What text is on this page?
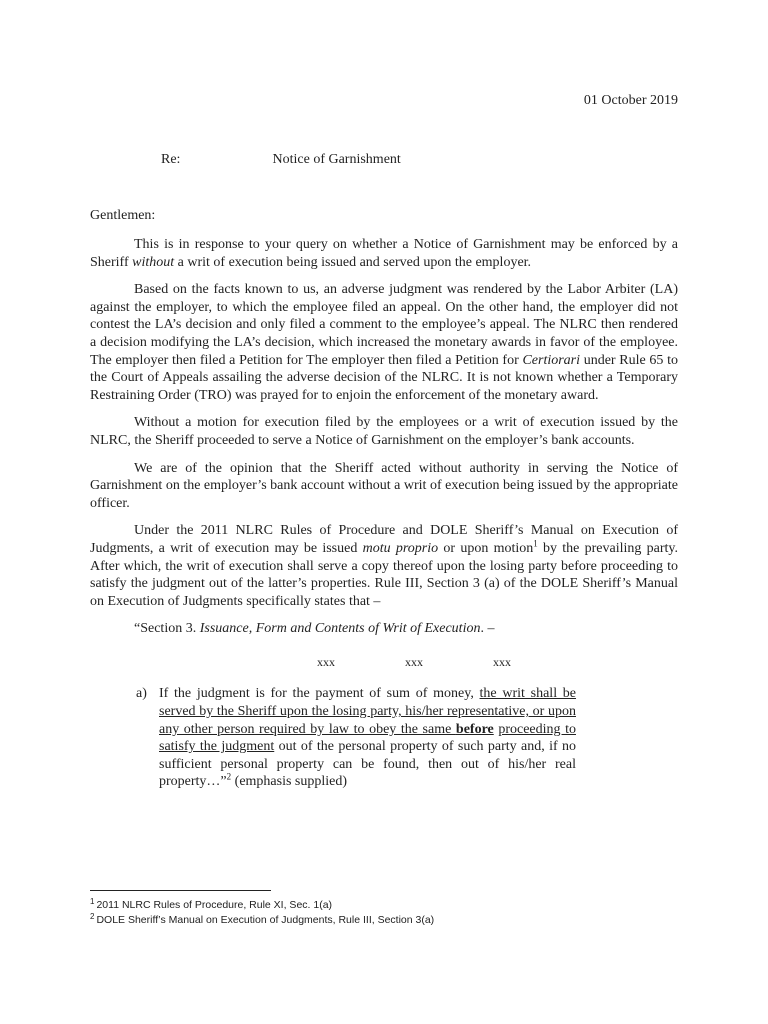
01 October 2019
Re:	Notice of Garnishment
Gentlemen:

This is in response to your query on whether a Notice of Garnishment may be enforced by a Sheriff without a writ of execution being issued and served upon the employer.

Based on the facts known to us, an adverse judgment was rendered by the Labor Arbiter (LA) against the employer, to which the employee filed an appeal. On the other hand, the employer did not contest the LA’s decision and only filed a comment to the employee’s appeal. The NLRC then rendered a decision modifying the LA’s decision, which increased the monetary awards in favor of the employee. The employer then filed a Petition for The employer then filed a Petition for Certiorari under Rule 65 to the Court of Appeals assailing the adverse decision of the NLRC. It is not known whether a Temporary Restraining Order (TRO) was prayed for to enjoin the enforcement of the monetary award.

Without a motion for execution filed by the employees or a writ of execution issued by the NLRC, the Sheriff proceeded to serve a Notice of Garnishment on the employer’s bank accounts.

We are of the opinion that the Sheriff acted without authority in serving the Notice of Garnishment on the employer’s bank account without a writ of execution being issued by the appropriate officer.

Under the 2011 NLRC Rules of Procedure and DOLE Sheriff’s Manual on Execution of Judgments, a writ of execution may be issued motu proprio or upon motion$^1$ by the prevailing party. After which, the writ of execution shall serve a copy thereof upon the losing party before proceeding to satisfy the judgment out of the latter’s properties. Rule III, Section 3 (a) of the DOLE Sheriff’s Manual on Execution of Judgments specifically states that –

“Section 3. Issuance, Form and Contents of Writ of Execution. –
xxx	xxx	xxx
a) If the judgment is for the payment of sum of money, the writ shall be served by the Sheriff upon the losing party, his/her representative, or upon any other person required by law to obey the same before proceeding to satisfy the judgment out of the personal property of such party and, if no sufficient personal property can be found, then out of his/her real property…”$^2$ (emphasis supplied)
$^1$ 2011 NLRC Rules of Procedure, Rule XI, Sec. 1(a)
$^2$ DOLE Sheriff’s Manual on Execution of Judgments, Rule III, Section 3(a)
